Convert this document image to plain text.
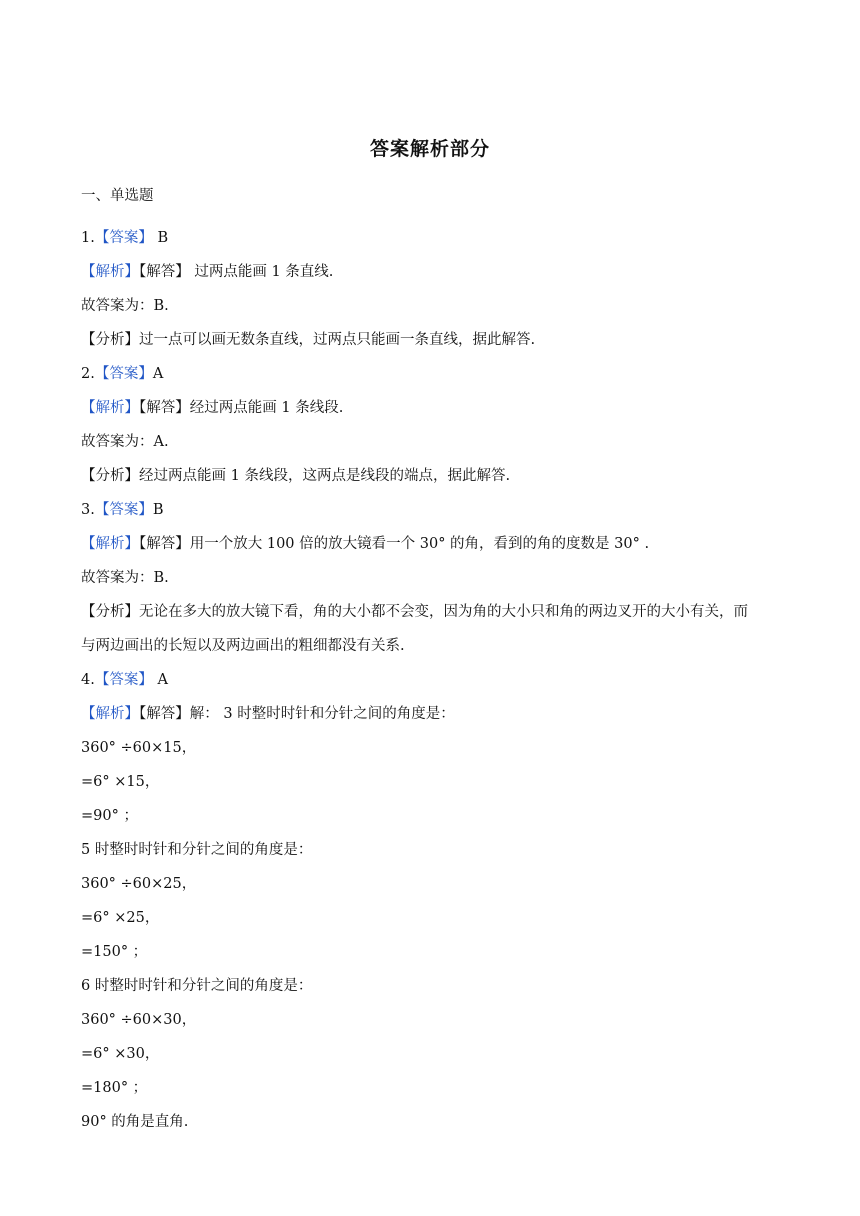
答案解析部分
一、单选题
1.【答案】 B
【解析】【解答】 过两点能画 1 条直线.
故答案为：B.
【分析】过一点可以画无数条直线，过两点只能画一条直线，据此解答.
2.【答案】A
【解析】【解答】经过两点能画 1 条线段.
故答案为：A.
【分析】经过两点能画 1 条线段，这两点是线段的端点，据此解答.
3.【答案】B
【解析】【解答】用一个放大 100 倍的放大镜看一个 30° 的角，看到的角的度数是 30° .
故答案为：B.
【分析】无论在多大的放大镜下看，角的大小都不会变，因为角的大小只和角的两边叉开的大小有关，而
与两边画出的长短以及两边画出的粗细都没有关系.
4.【答案】 A
【解析】【解答】解： 3 时整时时针和分针之间的角度是：
360° ÷60×15，
=6° ×15，
=90° ；
5 时整时时针和分针之间的角度是：
360° ÷60×25，
=6° ×25，
=150° ；
6 时整时时针和分针之间的角度是：
360° ÷60×30，
=6° ×30，
=180° ；
90° 的角是直角.
